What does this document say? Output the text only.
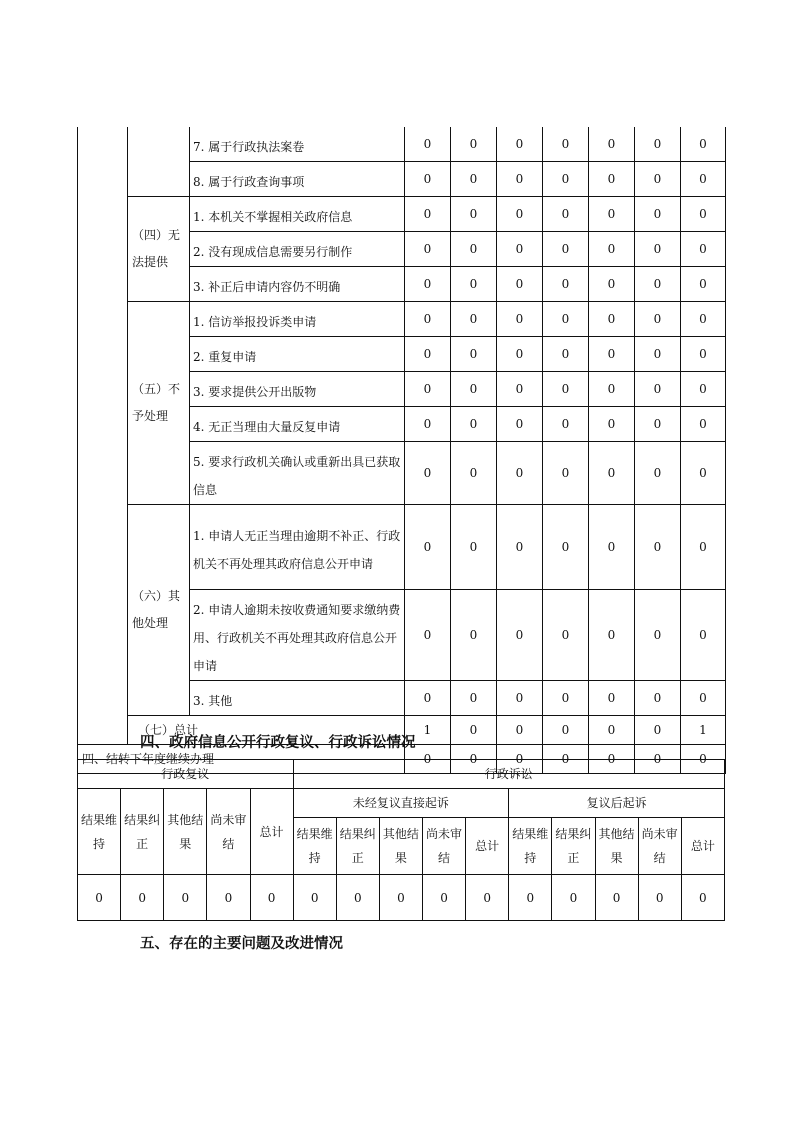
		7. 属于行政执法案卷	0	0	0	0	0	0	0
		8. 属于行政查询事项	0	0	0	0	0	0	0
	（四）无法提供	1. 本机关不掌握相关政府信息	0	0	0	0	0	0	0
		2. 没有现成信息需要另行制作	0	0	0	0	0	0	0
		3. 补正后申请内容仍不明确	0	0	0	0	0	0	0
	（五）不予处理	1. 信访举报投诉类申请	0	0	0	0	0	0	0
		2. 重复申请	0	0	0	0	0	0	0
		3. 要求提供公开出版物	0	0	0	0	0	0	0
		4. 无正当理由大量反复申请	0	0	0	0	0	0	0
		5. 要求行政机关确认或重新出具已获取信息	0	0	0	0	0	0	0
	（六）其他处理	1. 申请人无正当理由逾期不补正、行政机关不再处理其政府信息公开申请	0	0	0	0	0	0	0
		2. 申请人逾期未按收费通知要求缴纳费用、行政机关不再处理其政府信息公开申请	0	0	0	0	0	0	0
		3. 其他	0	0	0	0	0	0	0
	（七）总计		1	0	0	0	0	0	1
四、结转下年度继续办理			0	0	0	0	0	0	0
四、政府信息公开行政复议、行政诉讼情况
行政复议					行政诉讼									
结果维持	结果纠正	其他结果	尚未审结	总计	未经复议直接起诉					复议后起诉				
					结果维持	结果纠正	其他结果	尚未审结	总计	结果维持	结果纠正	其他结果	尚未审结	总计
0	0	0	0	0	0	0	0	0	0	0	0	0	0	0
五、存在的主要问题及改进情况
